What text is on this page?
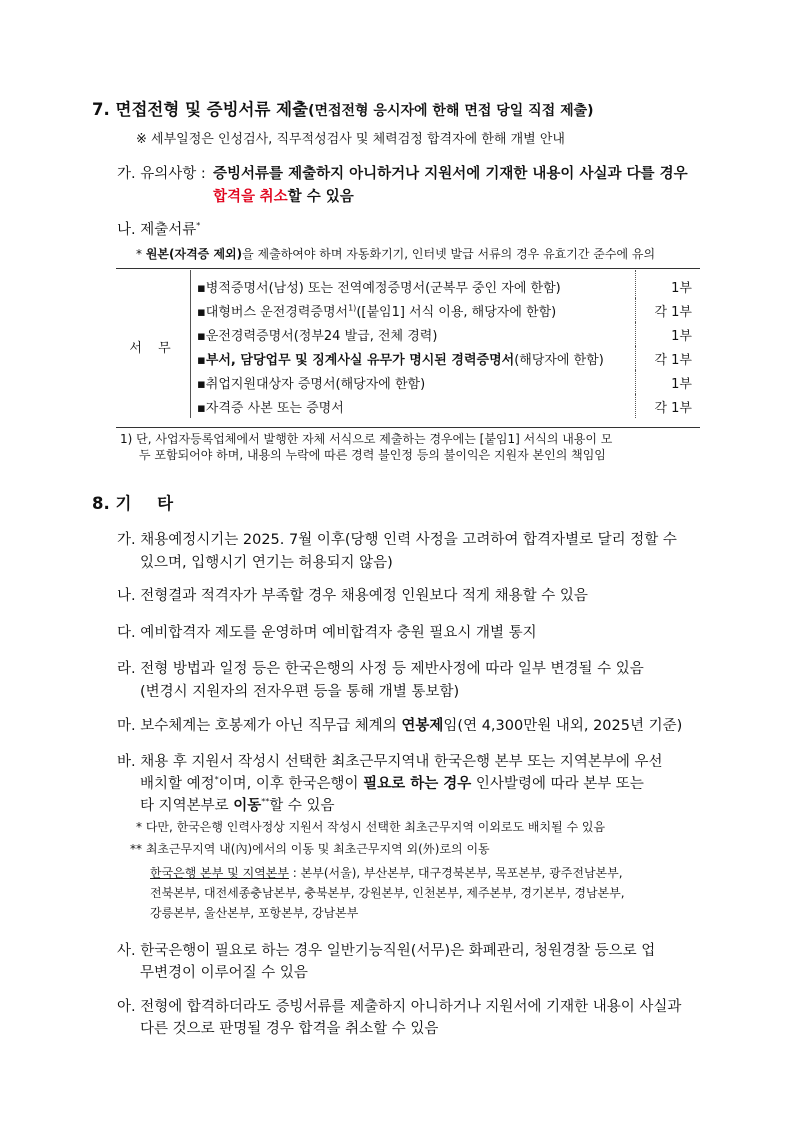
7. 면접전형 및 증빙서류 제출(면접전형 응시자에 한해 면접 당일 직접 제출)
※ 세부일정은 인성검사, 직무적성검사 및 체력검정 합격자에 한해 개별 안내
가. 유의사항 : 증빙서류를 제출하지 아니하거나 지원서에 기재한 내용이 사실과 다를 경우
합격을 취소할 수 있음
나. 제출서류*
* 원본(자격증 제외)을 제출하여야 하며 자동화기기, 인터넷 발급 서류의 경우 유효기간 준수에 유의
서 무	▪병적증명서(남성) 또는 전역예정증명서(군복무 중인 자에 한함)	1부
	▪대형버스 운전경력증명서$^{1)}$([붙임1] 서식 이용, 해당자에 한함)	각 1부
	▪운전경력증명서(정부24 발급, 전체 경력)	1부
	▪부서, 담당업무 및 징계사실 유무가 명시된 경력증명서(해당자에 한함)	각 1부
	▪취업지원대상자 증명서(해당자에 한함)	1부
	▪자격증 사본 또는 증명서	각 1부
1) 단, 사업자등록업체에서 발행한 자체 서식으로 제출하는 경우에는 [붙임1] 서식의 내용이 모
두 포함되어야 하며, 내용의 누락에 따른 경력 불인정 등의 불이익은 지원자 본인의 책임임
8. 기 타
가. 채용예정시기는 2025. 7월 이후(당행 인력 사정을 고려하여 합격자별로 달리 정할 수
있으며, 입행시기 연기는 허용되지 않음)
나. 전형결과 적격자가 부족할 경우 채용예정 인원보다 적게 채용할 수 있음
다. 예비합격자 제도를 운영하며 예비합격자 충원 필요시 개별 통지
라. 전형 방법과 일정 등은 한국은행의 사정 등 제반사정에 따라 일부 변경될 수 있음
(변경시 지원자의 전자우편 등을 통해 개별 통보함)
마. 보수체계는 호봉제가 아닌 직무급 체계의 연봉제임(연 4,300만원 내외, 2025년 기준)
바. 채용 후 지원서 작성시 선택한 최초근무지역내 한국은행 본부 또는 지역본부에 우선
배치할 예정*이며, 이후 한국은행이 필요로 하는 경우 인사발령에 따라 본부 또는
타 지역본부로 이동**할 수 있음
* 다만, 한국은행 인력사정상 지원서 작성시 선택한 최초근무지역 이외로도 배치될 수 있음
** 최초근무지역 내(內)에서의 이동 및 최초근무지역 외(外)로의 이동
한국은행 본부 및 지역본부 : 본부(서울), 부산본부, 대구경북본부, 목포본부, 광주전남본부,
전북본부, 대전세종충남본부, 충북본부, 강원본부, 인천본부, 제주본부, 경기본부, 경남본부,
강릉본부, 울산본부, 포항본부, 강남본부
사. 한국은행이 필요로 하는 경우 일반기능직원(서무)은 화폐관리, 청원경찰 등으로 업
무변경이 이루어질 수 있음
아. 전형에 합격하더라도 증빙서류를 제출하지 아니하거나 지원서에 기재한 내용이 사실과
다른 것으로 판명될 경우 합격을 취소할 수 있음
